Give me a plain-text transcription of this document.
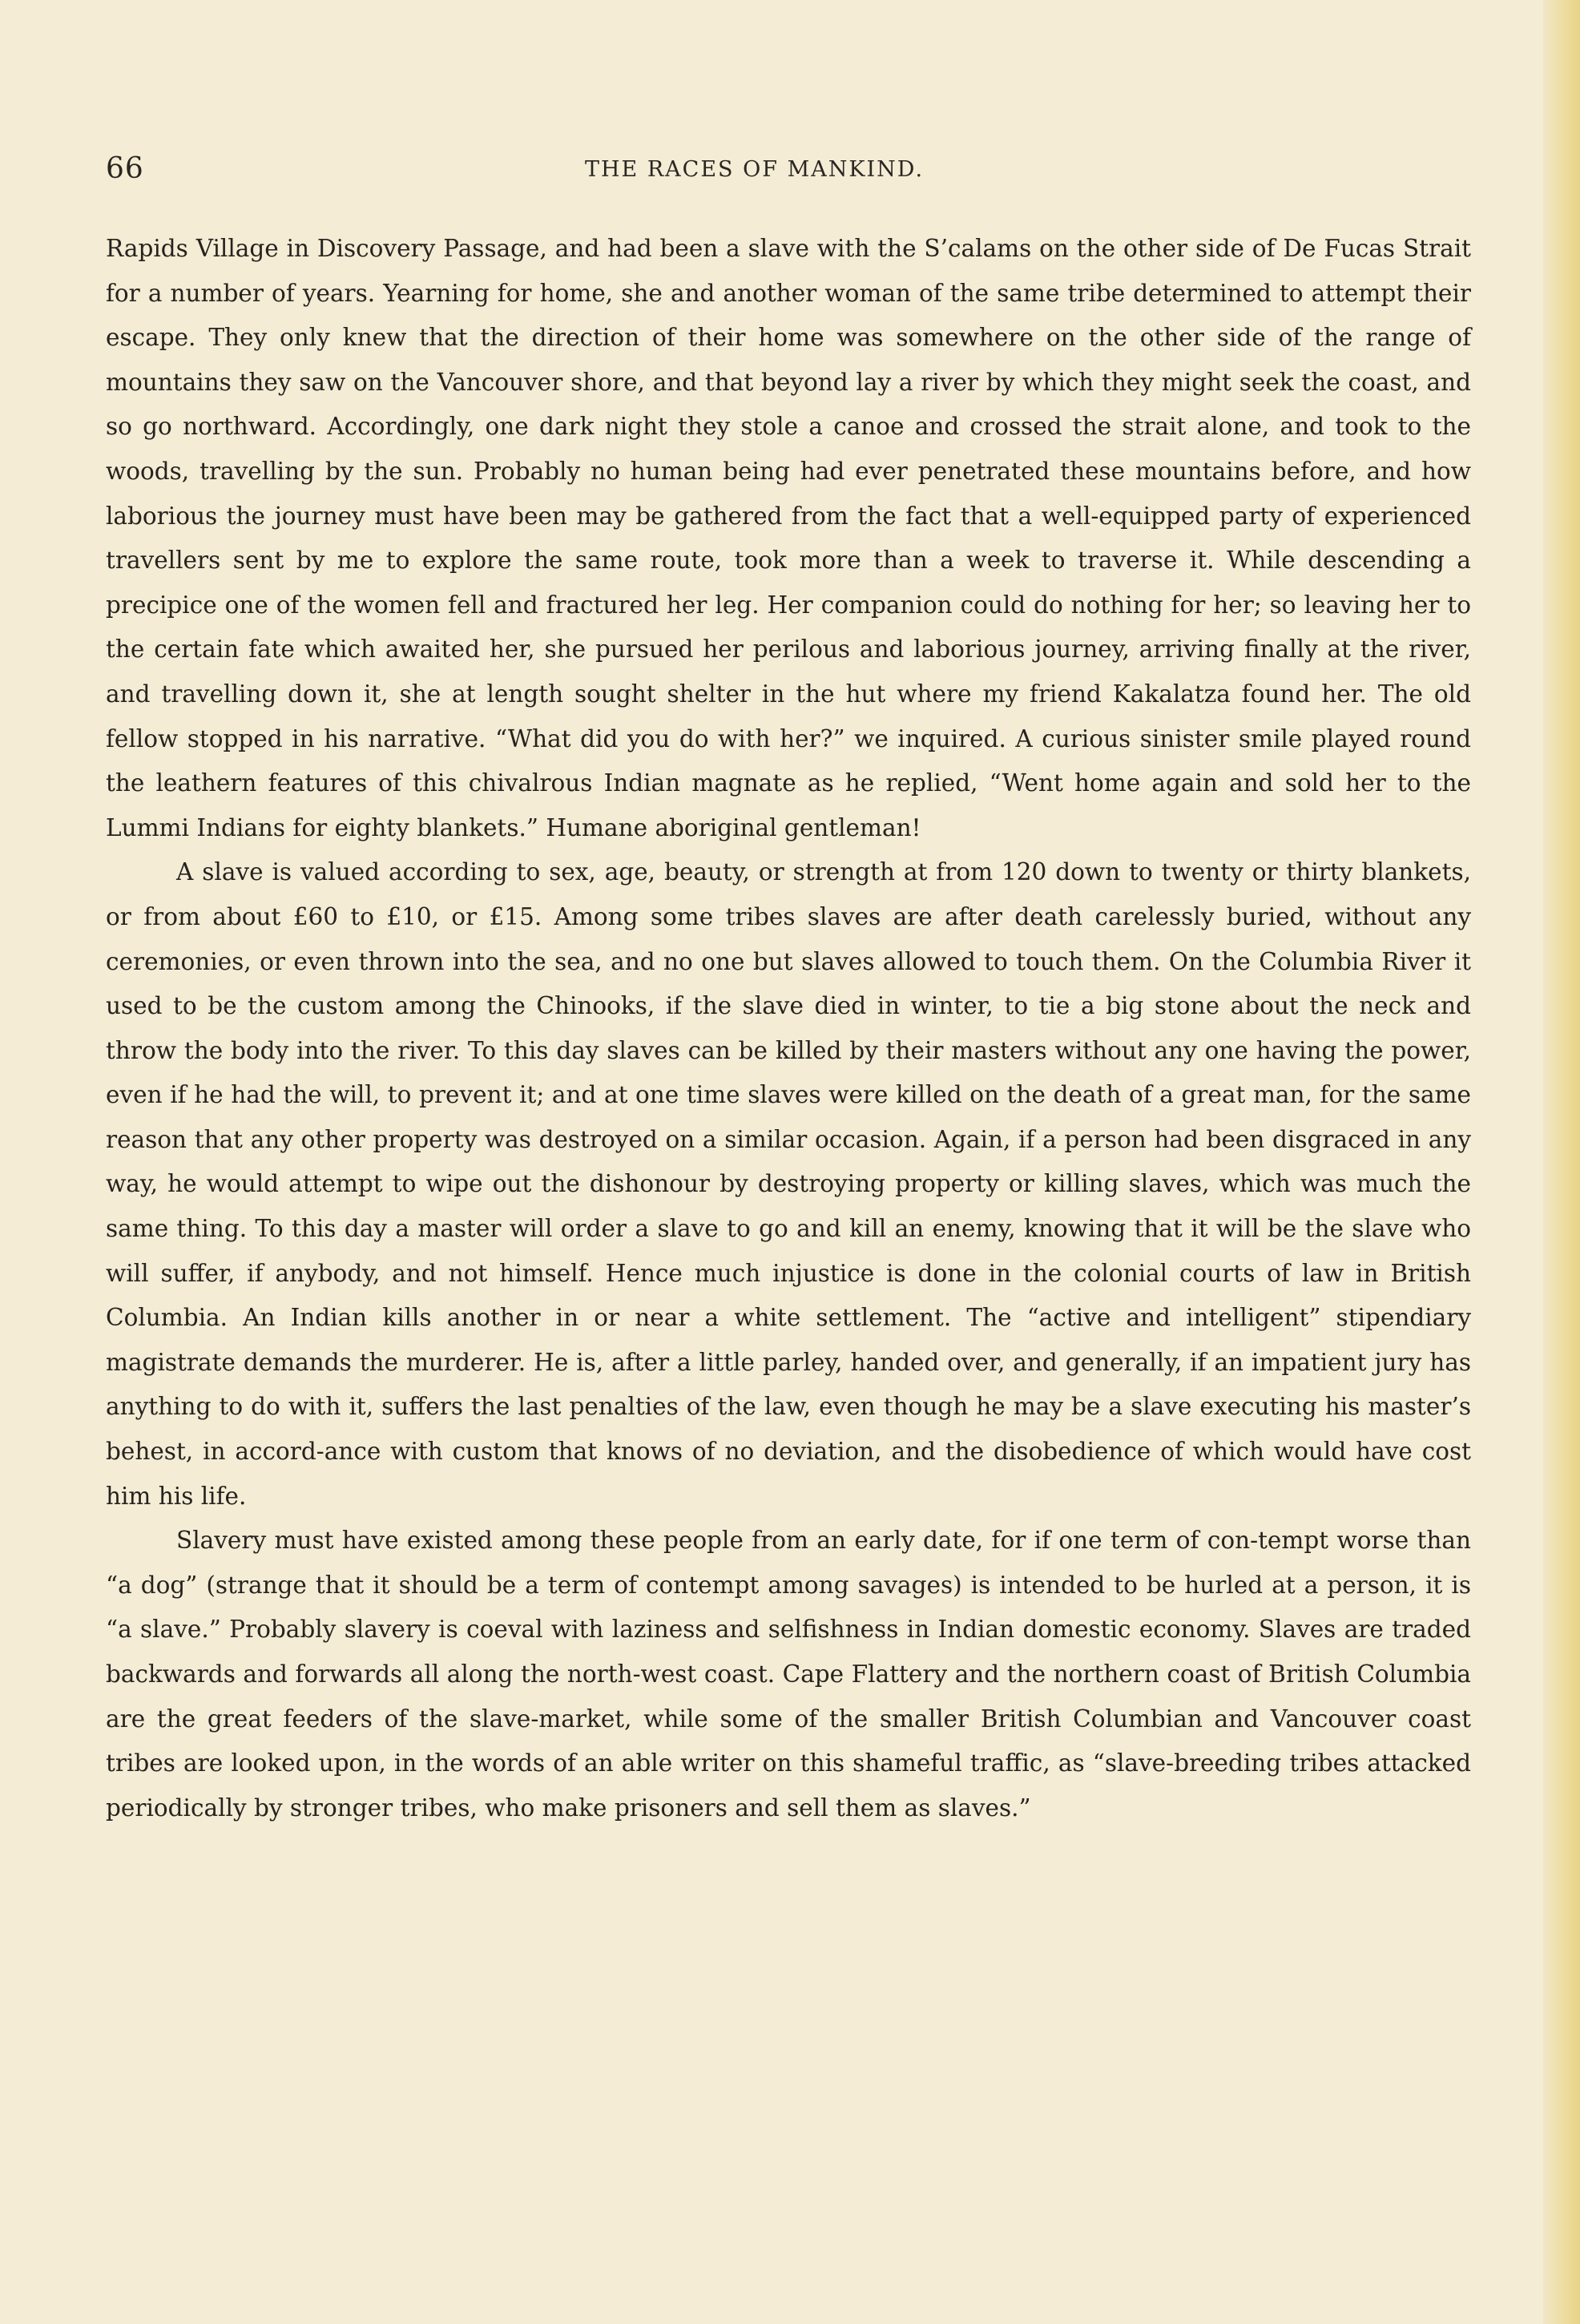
66	THE RACES OF MANKIND.

Rapids Village in Discovery Passage, and had been a slave with the S’calams on the other side of De Fucas Strait for a number of years. Yearning for home, she and another woman of the same tribe determined to attempt their escape. They only knew that the direction of their home was somewhere on the other side of the range of mountains they saw on the Vancouver shore, and that beyond lay a river by which they might seek the coast, and so go northward. Accordingly, one dark night they stole a canoe and crossed the strait alone, and took to the woods, travelling by the sun. Probably no human being had ever penetrated these mountains before, and how laborious the journey must have been may be gathered from the fact that a well-equipped party of experienced travellers sent by me to explore the same route, took more than a week to traverse it. While descending a precipice one of the women fell and fractured her leg. Her companion could do nothing for her; so leaving her to the certain fate which awaited her, she pursued her perilous and laborious journey, arriving finally at the river, and travelling down it, she at length sought shelter in the hut where my friend Kakalatza found her. The old fellow stopped in his narrative. “What did you do with her?” we inquired. A curious sinister smile played round the leathern features of this chivalrous Indian magnate as he replied, “Went home again and sold her to the Lummi Indians for eighty blankets.” Humane aboriginal gentleman!

A slave is valued according to sex, age, beauty, or strength at from 120 down to twenty or thirty blankets, or from about £60 to £10, or £15. Among some tribes slaves are after death carelessly buried, without any ceremonies, or even thrown into the sea, and no one but slaves allowed to touch them. On the Columbia River it used to be the custom among the Chinooks, if the slave died in winter, to tie a big stone about the neck and throw the body into the river. To this day slaves can be killed by their masters without any one having the power, even if he had the will, to prevent it; and at one time slaves were killed on the death of a great man, for the same reason that any other property was destroyed on a similar occasion. Again, if a person had been disgraced in any way, he would attempt to wipe out the dishonour by destroying property or killing slaves, which was much the same thing. To this day a master will order a slave to go and kill an enemy, knowing that it will be the slave who will suffer, if anybody, and not himself. Hence much injustice is done in the colonial courts of law in British Columbia. An Indian kills another in or near a white settlement. The “active and intelligent” stipendiary magistrate demands the murderer. He is, after a little parley, handed over, and generally, if an impatient jury has anything to do with it, suffers the last penalties of the law, even though he may be a slave executing his master’s behest, in accord-ance with custom that knows of no deviation, and the disobedience of which would have cost him his life.

Slavery must have existed among these people from an early date, for if one term of con-tempt worse than “a dog” (strange that it should be a term of contempt among savages) is intended to be hurled at a person, it is “a slave.” Probably slavery is coeval with laziness and selfishness in Indian domestic economy. Slaves are traded backwards and forwards all along the north-west coast. Cape Flattery and the northern coast of British Columbia are the great feeders of the slave-market, while some of the smaller British Columbian and Vancouver coast tribes are looked upon, in the words of an able writer on this shameful traffic, as “slave-breeding tribes attacked periodically by stronger tribes, who make prisoners and sell them as slaves.”
